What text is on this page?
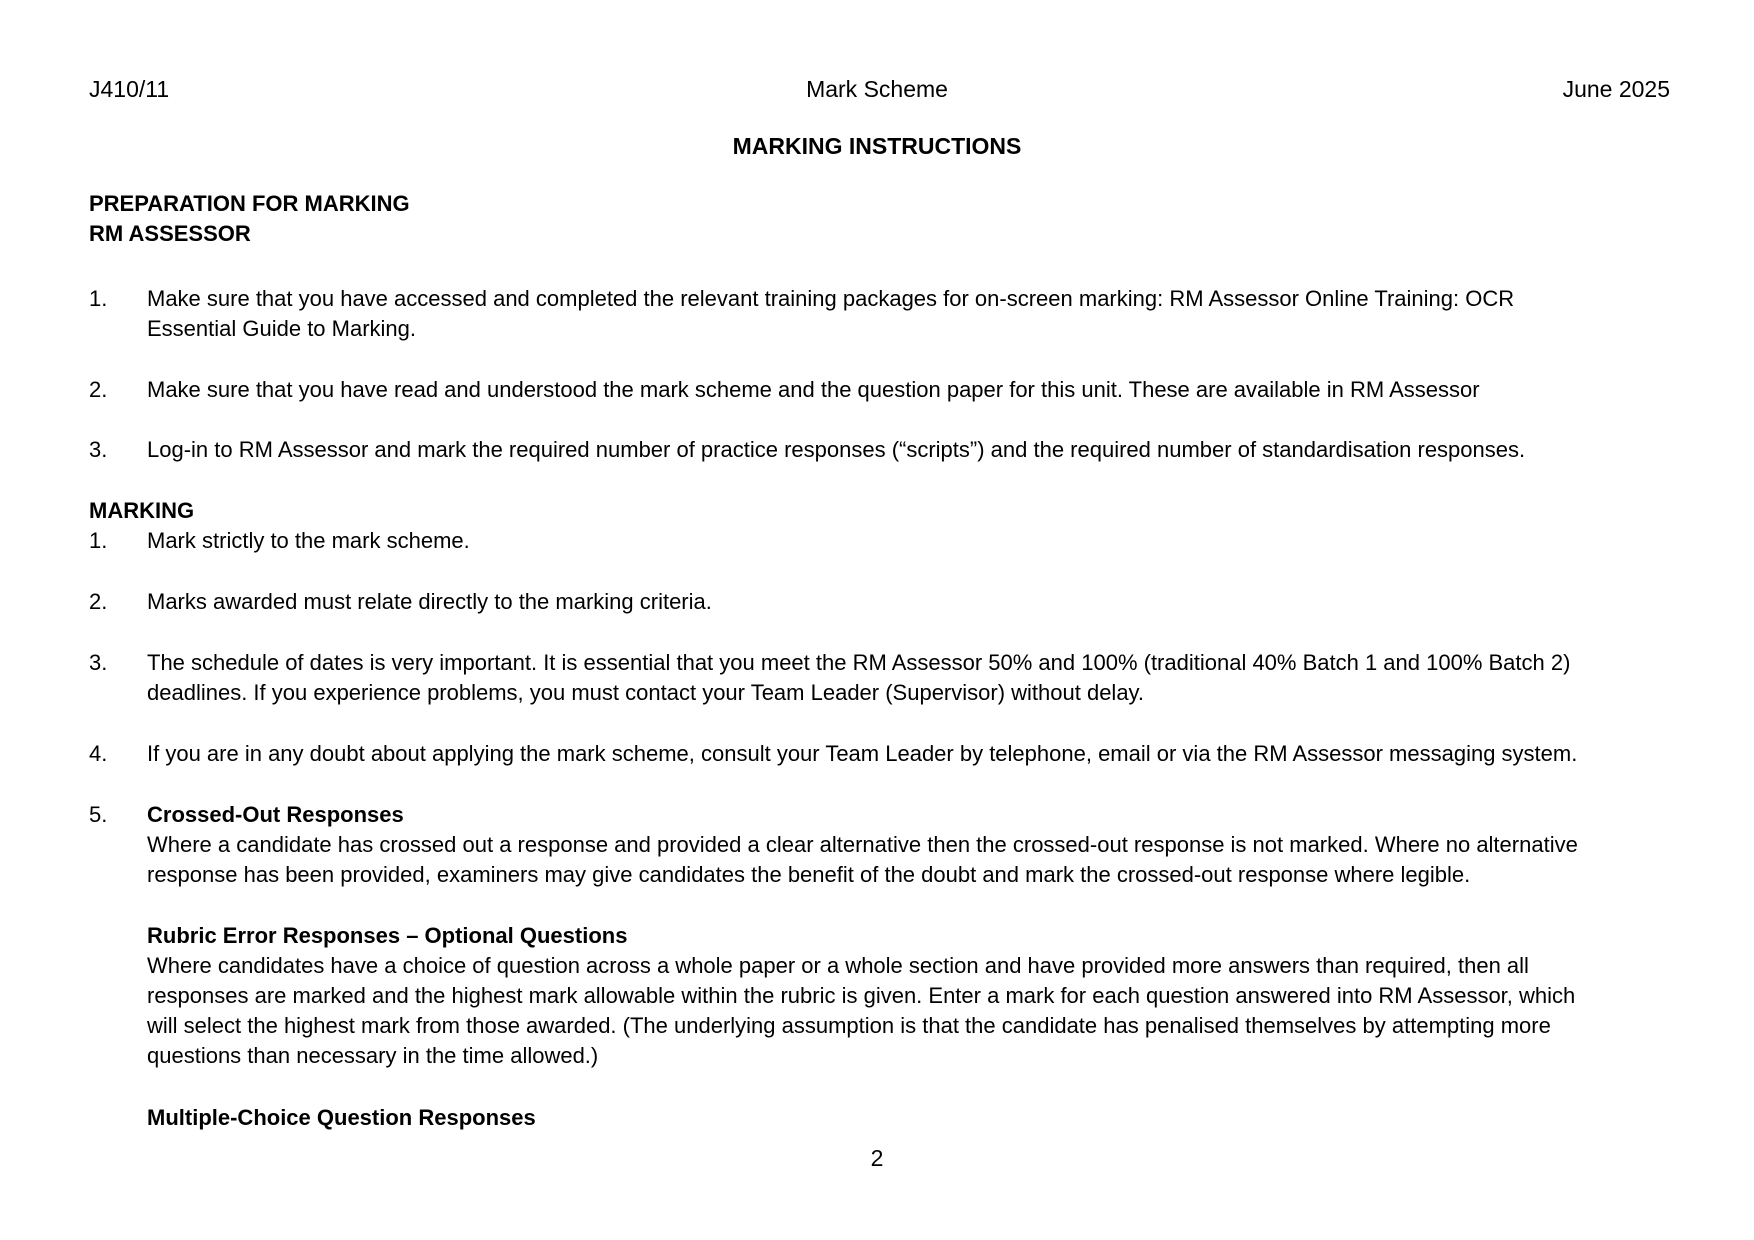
J410/11	Mark Scheme	June 2025
MARKING INSTRUCTIONS
PREPARATION FOR MARKING
RM ASSESSOR
1. Make sure that you have accessed and completed the relevant training packages for on-screen marking: RM Assessor Online Training: OCR
Essential Guide to Marking.
2. Make sure that you have read and understood the mark scheme and the question paper for this unit. These are available in RM Assessor
3. Log-in to RM Assessor and mark the required number of practice responses (“scripts”) and the required number of standardisation responses.
MARKING
1. Mark strictly to the mark scheme.
2. Marks awarded must relate directly to the marking criteria.
3. The schedule of dates is very important. It is essential that you meet the RM Assessor 50% and 100% (traditional 40% Batch 1 and 100% Batch 2)
deadlines. If you experience problems, you must contact your Team Leader (Supervisor) without delay.
4. If you are in any doubt about applying the mark scheme, consult your Team Leader by telephone, email or via the RM Assessor messaging system.
5. Crossed-Out Responses
Where a candidate has crossed out a response and provided a clear alternative then the crossed-out response is not marked. Where no alternative
response has been provided, examiners may give candidates the benefit of the doubt and mark the crossed-out response where legible.
Rubric Error Responses – Optional Questions
Where candidates have a choice of question across a whole paper or a whole section and have provided more answers than required, then all
responses are marked and the highest mark allowable within the rubric is given. Enter a mark for each question answered into RM Assessor, which
will select the highest mark from those awarded. (The underlying assumption is that the candidate has penalised themselves by attempting more
questions than necessary in the time allowed.)
Multiple-Choice Question Responses
2
